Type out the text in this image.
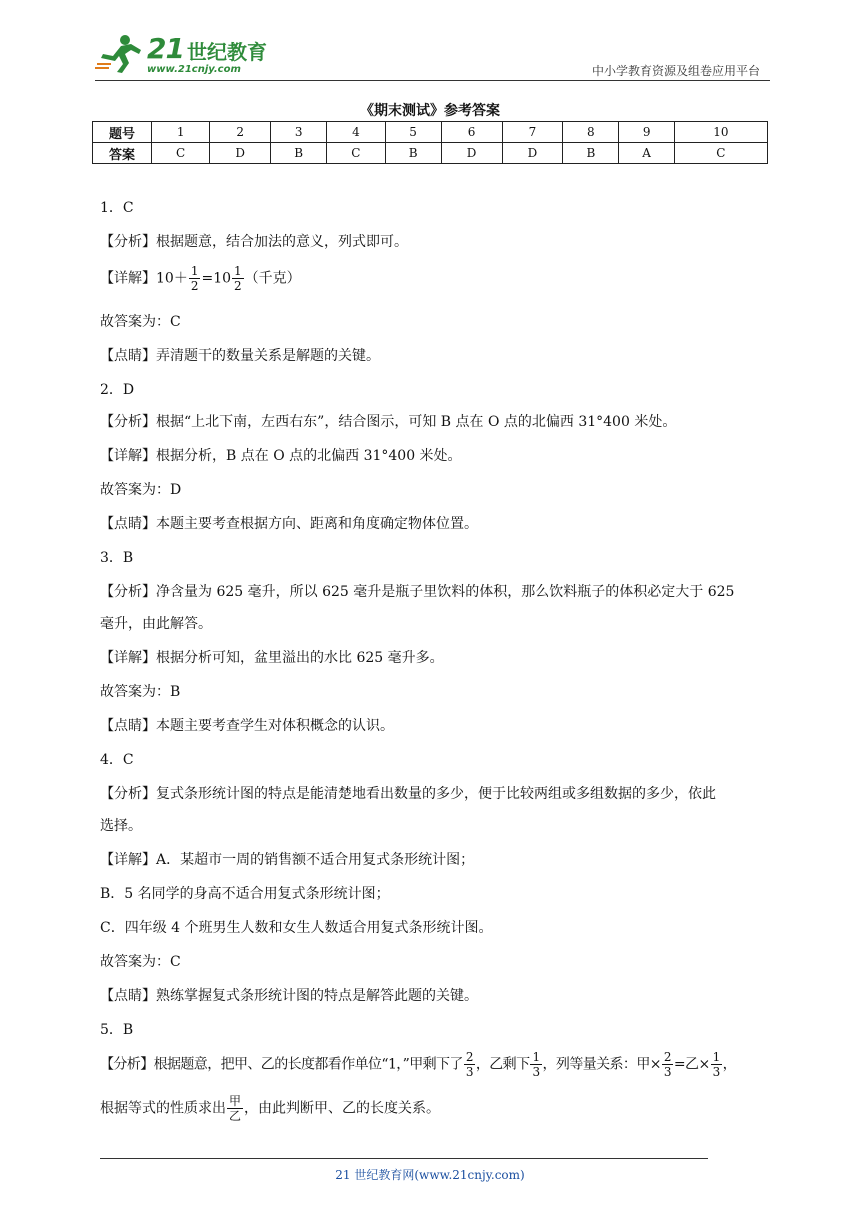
21 世纪教育
www.21cnjy.com	中小学教育资源及组卷应用平台
《期末测试》参考答案
题号	1	2	3	4	5	6	7	8	9	10
答案	C	D	B	C	B	D	D	B	A	C
1．C
【分析】根据题意，结合加法的意义，列式即可。
【详解】$10+ \frac{1}{2} =10 \frac{1}{2}$ （千克）
故答案为：C
【点睛】弄清题干的数量关系是解题的关键。
2．D
【分析】根据“上北下南，左西右东”，结合图示，可知 B 点在 O 点的北偏西 31°400 米处。
【详解】根据分析，B 点在 O 点的北偏西 31°400 米处。
故答案为：D
【点睛】本题主要考查根据方向、距离和角度确定物体位置。
3．B
【分析】净含量为 625 毫升，所以 625 毫升是瓶子里饮料的体积，那么饮料瓶子的体积必定大于 625
毫升，由此解答。
【详解】根据分析可知，盆里溢出的水比 625 毫升多。
故答案为：B
【点睛】本题主要考查学生对体积概念的认识。
4．C
【分析】复式条形统计图的特点是能清楚地看出数量的多少，便于比较两组或多组数据的多少，依此
选择。
【详解】A．某超市一周的销售额不适合用复式条形统计图；
B．5 名同学的身高不适合用复式条形统计图；
C．四年级 4 个班男生人数和女生人数适合用复式条形统计图。
故答案为：C
【点睛】熟练掌握复式条形统计图的特点是解答此题的关键。
5．B
【分析】根据题意，把甲、乙的长度都看作单位“1，”甲剩下了 $\frac{2}{3}$ ，乙剩下 $\frac{1}{3}$ ，列等量关系：甲× $\frac{2}{3}$ =乙× $\frac{1}{3}$ ，
根据等式的性质求出 $\frac{\text{甲}}{\text{乙}}$ ，由此判断甲、乙的长度关系。
21 世纪教育网(www.21cnjy.com)
